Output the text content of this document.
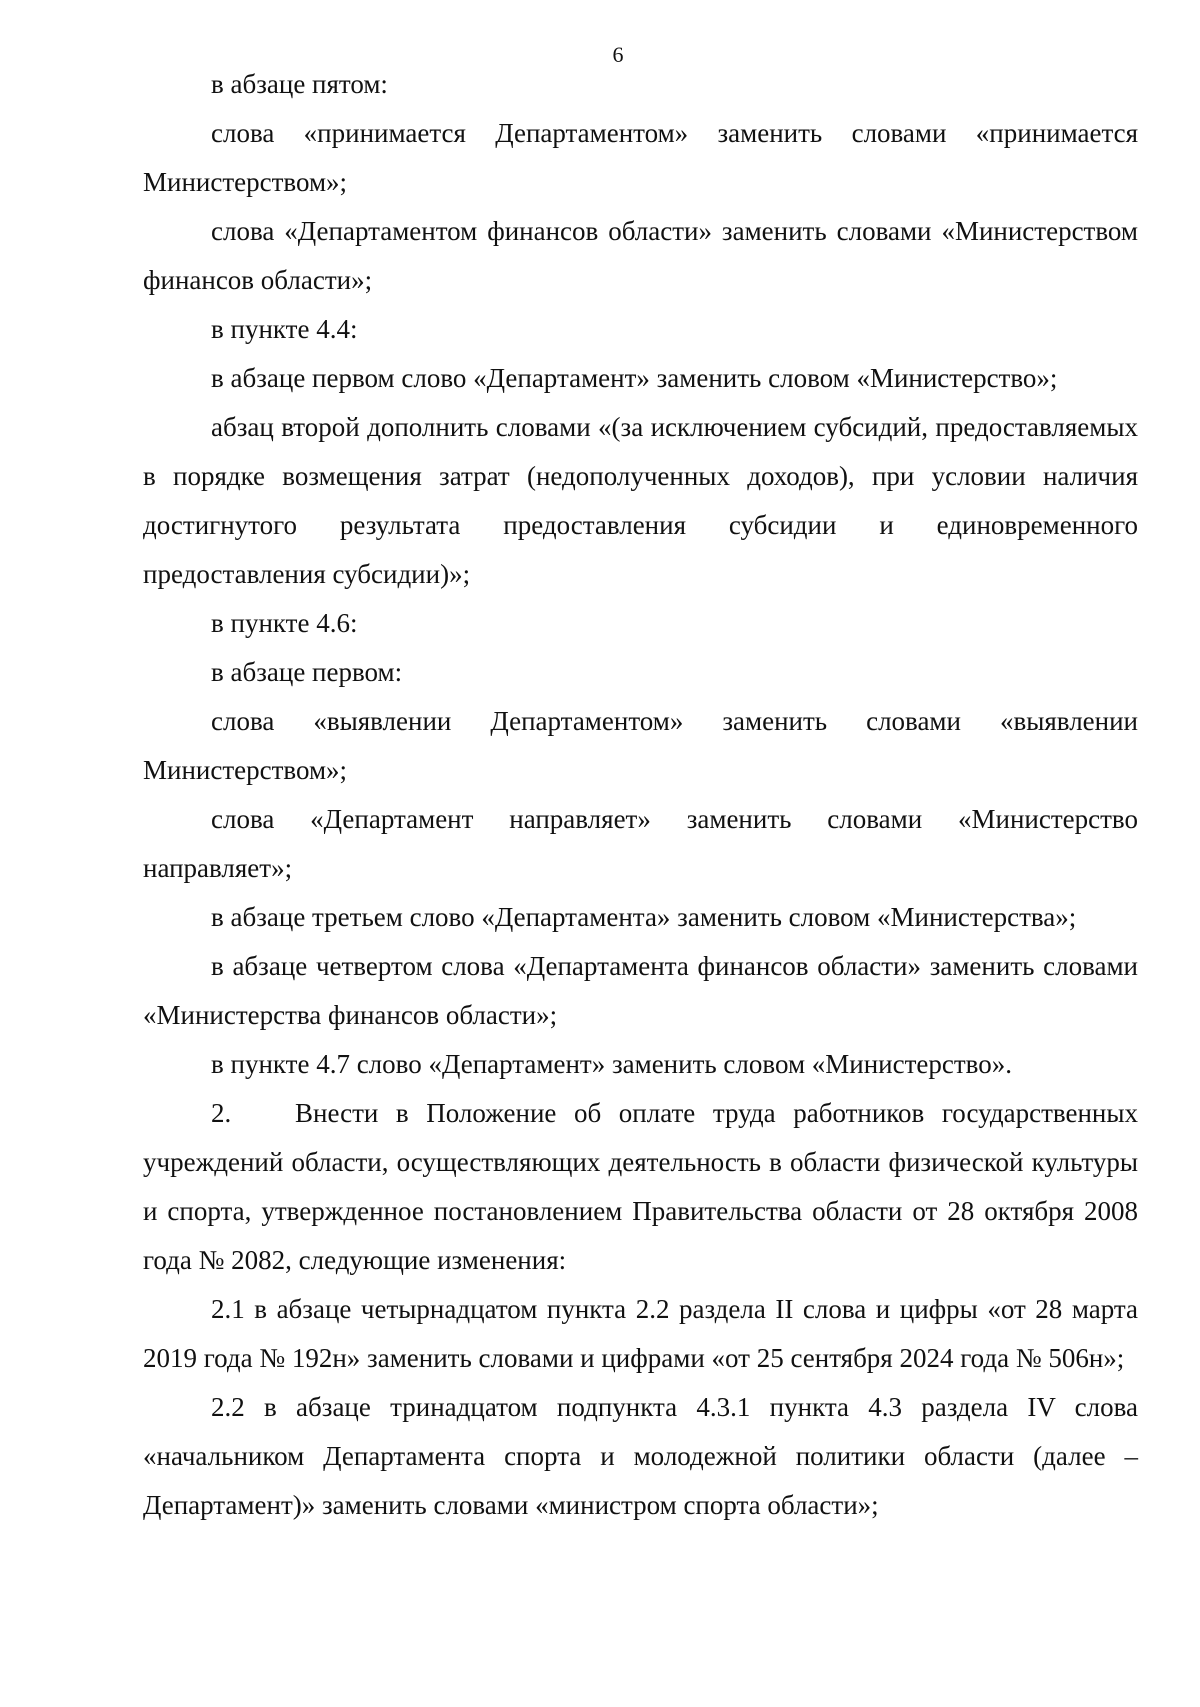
6

в абзаце пятом:

слова «принимается Департаментом» заменить словами «принимается Министерством»;

слова «Департаментом финансов области» заменить словами «Министерством финансов области»;

в пункте 4.4:

в абзаце первом слово «Департамент» заменить словом «Министерство»;

абзац второй дополнить словами «(за исключением субсидий, предоставляемых в порядке возмещения затрат (недополученных доходов), при условии наличия достигнутого результата предоставления субсидии и единовременного предоставления субсидии)»;

в пункте 4.6:

в абзаце первом:

слова «выявлении Департаментом» заменить словами «выявлении Министерством»;

слова «Департамент направляет» заменить словами «Министерство направляет»;

в абзаце третьем слово «Департамента» заменить словом «Министерства»;

в абзаце четвертом слова «Департамента финансов области» заменить словами «Министерства финансов области»;

в пункте 4.7 слово «Департамент» заменить словом «Министерство».

2. Внести в Положение об оплате труда работников государственных учреждений области, осуществляющих деятельность в области физической культуры и спорта, утвержденное постановлением Правительства области от 28 октября 2008 года № 2082, следующие изменения:

2.1 в абзаце четырнадцатом пункта 2.2 раздела II слова и цифры «от 28 марта 2019 года № 192н» заменить словами и цифрами «от 25 сентября 2024 года № 506н»;

2.2 в абзаце тринадцатом подпункта 4.3.1 пункта 4.3 раздела IV слова «начальником Департамента спорта и молодежной политики области (далее – Департамент)» заменить словами «министром спорта области»;
